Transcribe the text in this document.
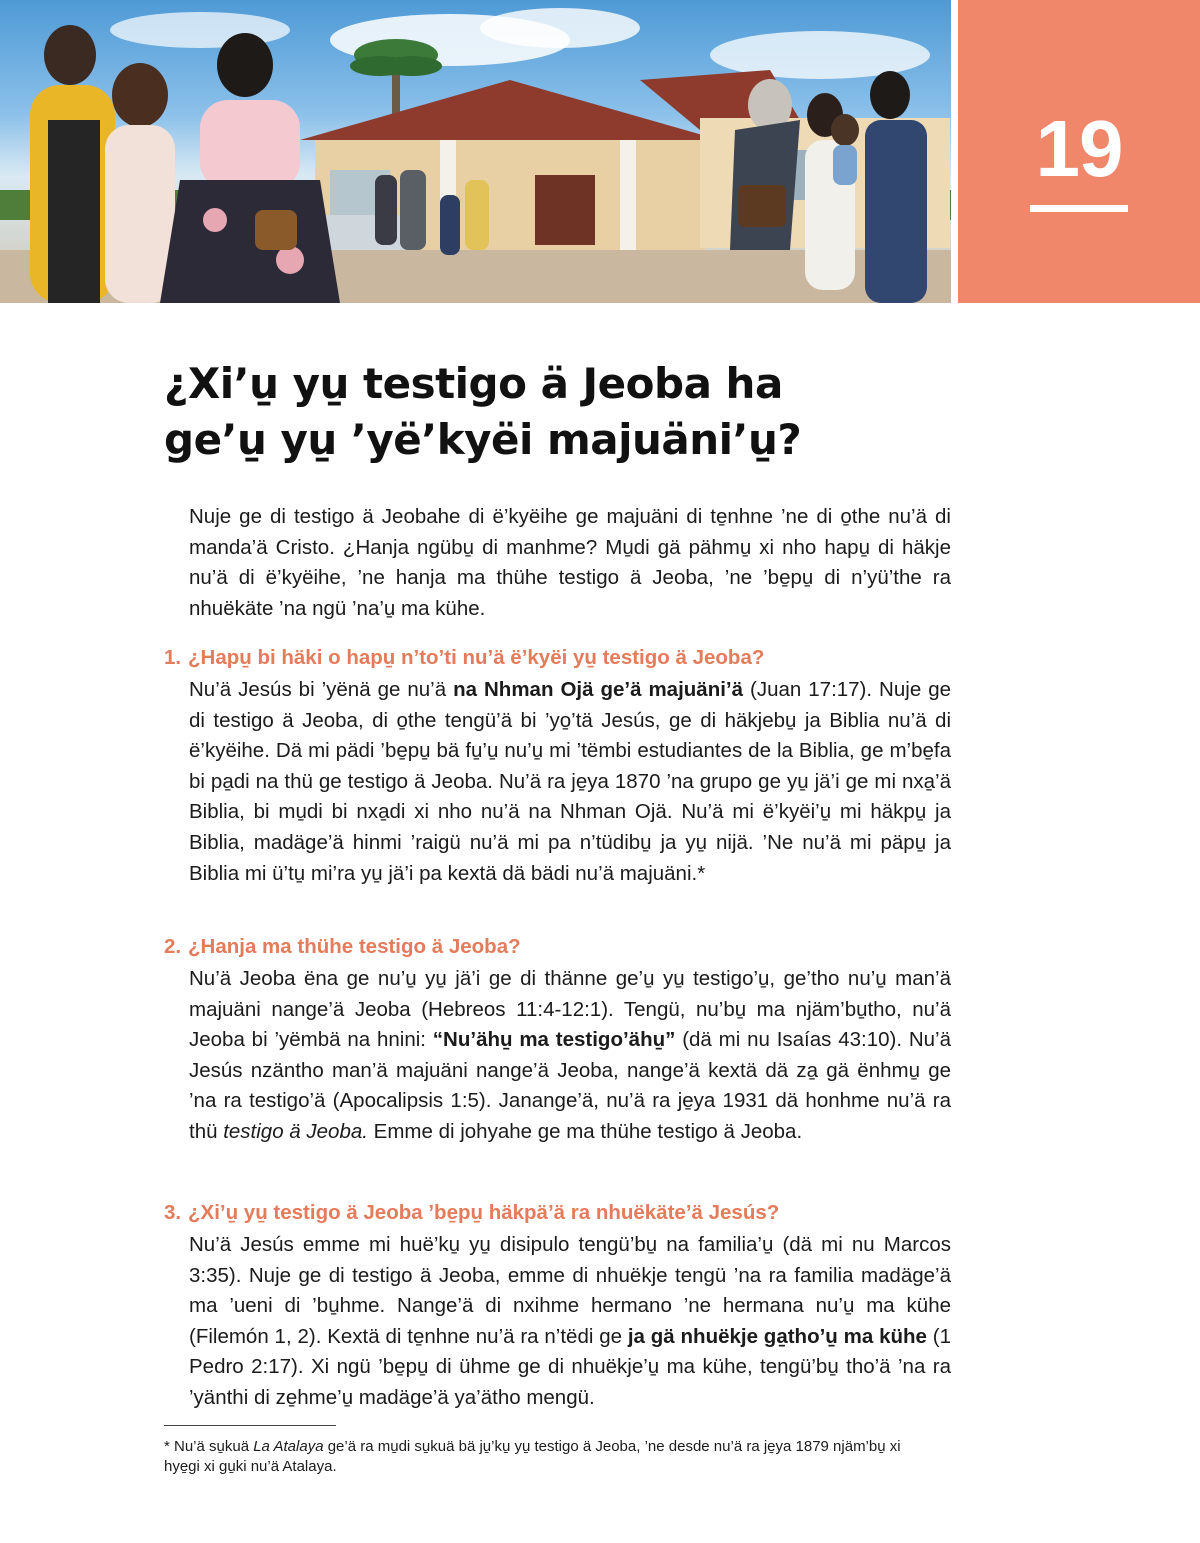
19
¿Xi’u̱ yu̱ testigo ä Jeoba ha
ge’u̱ yu̱ ’yë’kyëi majuäni’u̱?

Nuje ge di testigo ä Jeobahe di ë’kyëihe ge majuäni di te̱nhne ’ne di o̱the nu’ä di manda’ä Cristo. ¿Hanja ngübu̱ di manhme? Mu̱di gä pähmu̱ xi nho hapu̱ di häkje nu’ä di ë’kyëihe, ’ne hanja ma thühe testigo ä Jeoba, ’ne ’be̱pu̱ di n’yü’the ra nhuëkäte ’na ngü ’na’u̱ ma kühe.

1. ¿Hapu̱ bi häki o hapu̱ n’to’ti nu’ä ë’kyëi yu̱ testigo ä Jeoba?

Nu’ä Jesús bi ’yënä ge nu’ä na Nhman Ojä ge’ä majuäni’ä (Juan 17:17). Nuje ge di testigo ä Jeoba, di o̱the tengü’ä bi ’yo̱’tä Jesús, ge di häkjebu̱ ja Biblia nu’ä di ë’kyëihe. Dä mi pädi ’be̱pu̱ bä fu̱’u̱ nu’u̱ mi ’tëmbi estudiantes de la Biblia, ge m’be̱fa bi pa̱di na thü ge testigo ä Jeoba. Nu’ä ra je̱ya 1870 ’na grupo ge yu̱ jä’i ge mi nxa̱’ä Biblia, bi mu̱di bi nxa̱di xi nho nu’ä na Nhman Ojä. Nu’ä mi ë’kyëi’u̱ mi häkpu̱ ja Biblia, madäge’ä hinmi ’raigü nu’ä mi pa n’tüdibu̱ ja yu̱ nijä. ’Ne nu’ä mi päpu̱ ja Biblia mi ü’tu̱ mi’ra yu̱ jä’i pa kextä dä bädi nu’ä majuäni.*

2. ¿Hanja ma thühe testigo ä Jeoba?

Nu’ä Jeoba ëna ge nu’u̱ yu̱ jä’i ge di thänne ge’u̱ yu̱ testigo’u̱, ge’tho nu’u̱ man’ä majuäni nange’ä Jeoba (Hebreos 11:4-12:1). Tengü, nu’bu̱ ma njäm’bu̱tho, nu’ä Jeoba bi ’yëmbä na hnini: “Nu’ähu̱ ma testigo’ähu̱” (dä mi nu Isaías 43:10). Nu’ä Jesús nzäntho man’ä majuäni nange’ä Jeoba, nange’ä kextä dä za̱ gä ënhmu̱ ge ’na ra testigo’ä (Apocalipsis 1:5). Janange’ä, nu’ä ra je̱ya 1931 dä honhme nu’ä ra thü testigo ä Jeoba. Emme di johyahe ge ma thühe testigo ä Jeoba.

3. ¿Xi’u̱ yu̱ testigo ä Jeoba ’be̱pu̱ häkpä’ä ra nhuëkäte’ä Jesús?

Nu’ä Jesús emme mi huë’ku̱ yu̱ disipulo tengü’bu̱ na familia’u̱ (dä mi nu Marcos 3:35). Nuje ge di testigo ä Jeoba, emme di nhuëkje tengü ’na ra familia madäge’ä ma ’ueni di ’bu̱hme. Nange’ä di nxihme hermano ’ne hermana nu’u̱ ma kühe (Filemón 1, 2). Kextä di te̱nhne nu’ä ra n’tëdi ge ja gä nhuëkje ga̱tho’u̱ ma kühe (1 Pedro 2:17). Xi ngü ’be̱pu̱ di ühme ge di nhuëkje’u̱ ma kühe, tengü’bu̱ tho’ä ’na ra ’yänthi di ze̱hme’u̱ madäge’ä ya’ätho mengü.

* Nu’ä su̱kuä La Atalaya ge’ä ra mu̱di su̱kuä bä ju̱’ku̱ yu̱ testigo ä Jeoba, ’ne desde nu’ä ra je̱ya 1879 njäm’bu̱ xi hye̱gi xi gu̱ki nu’ä Atalaya.
